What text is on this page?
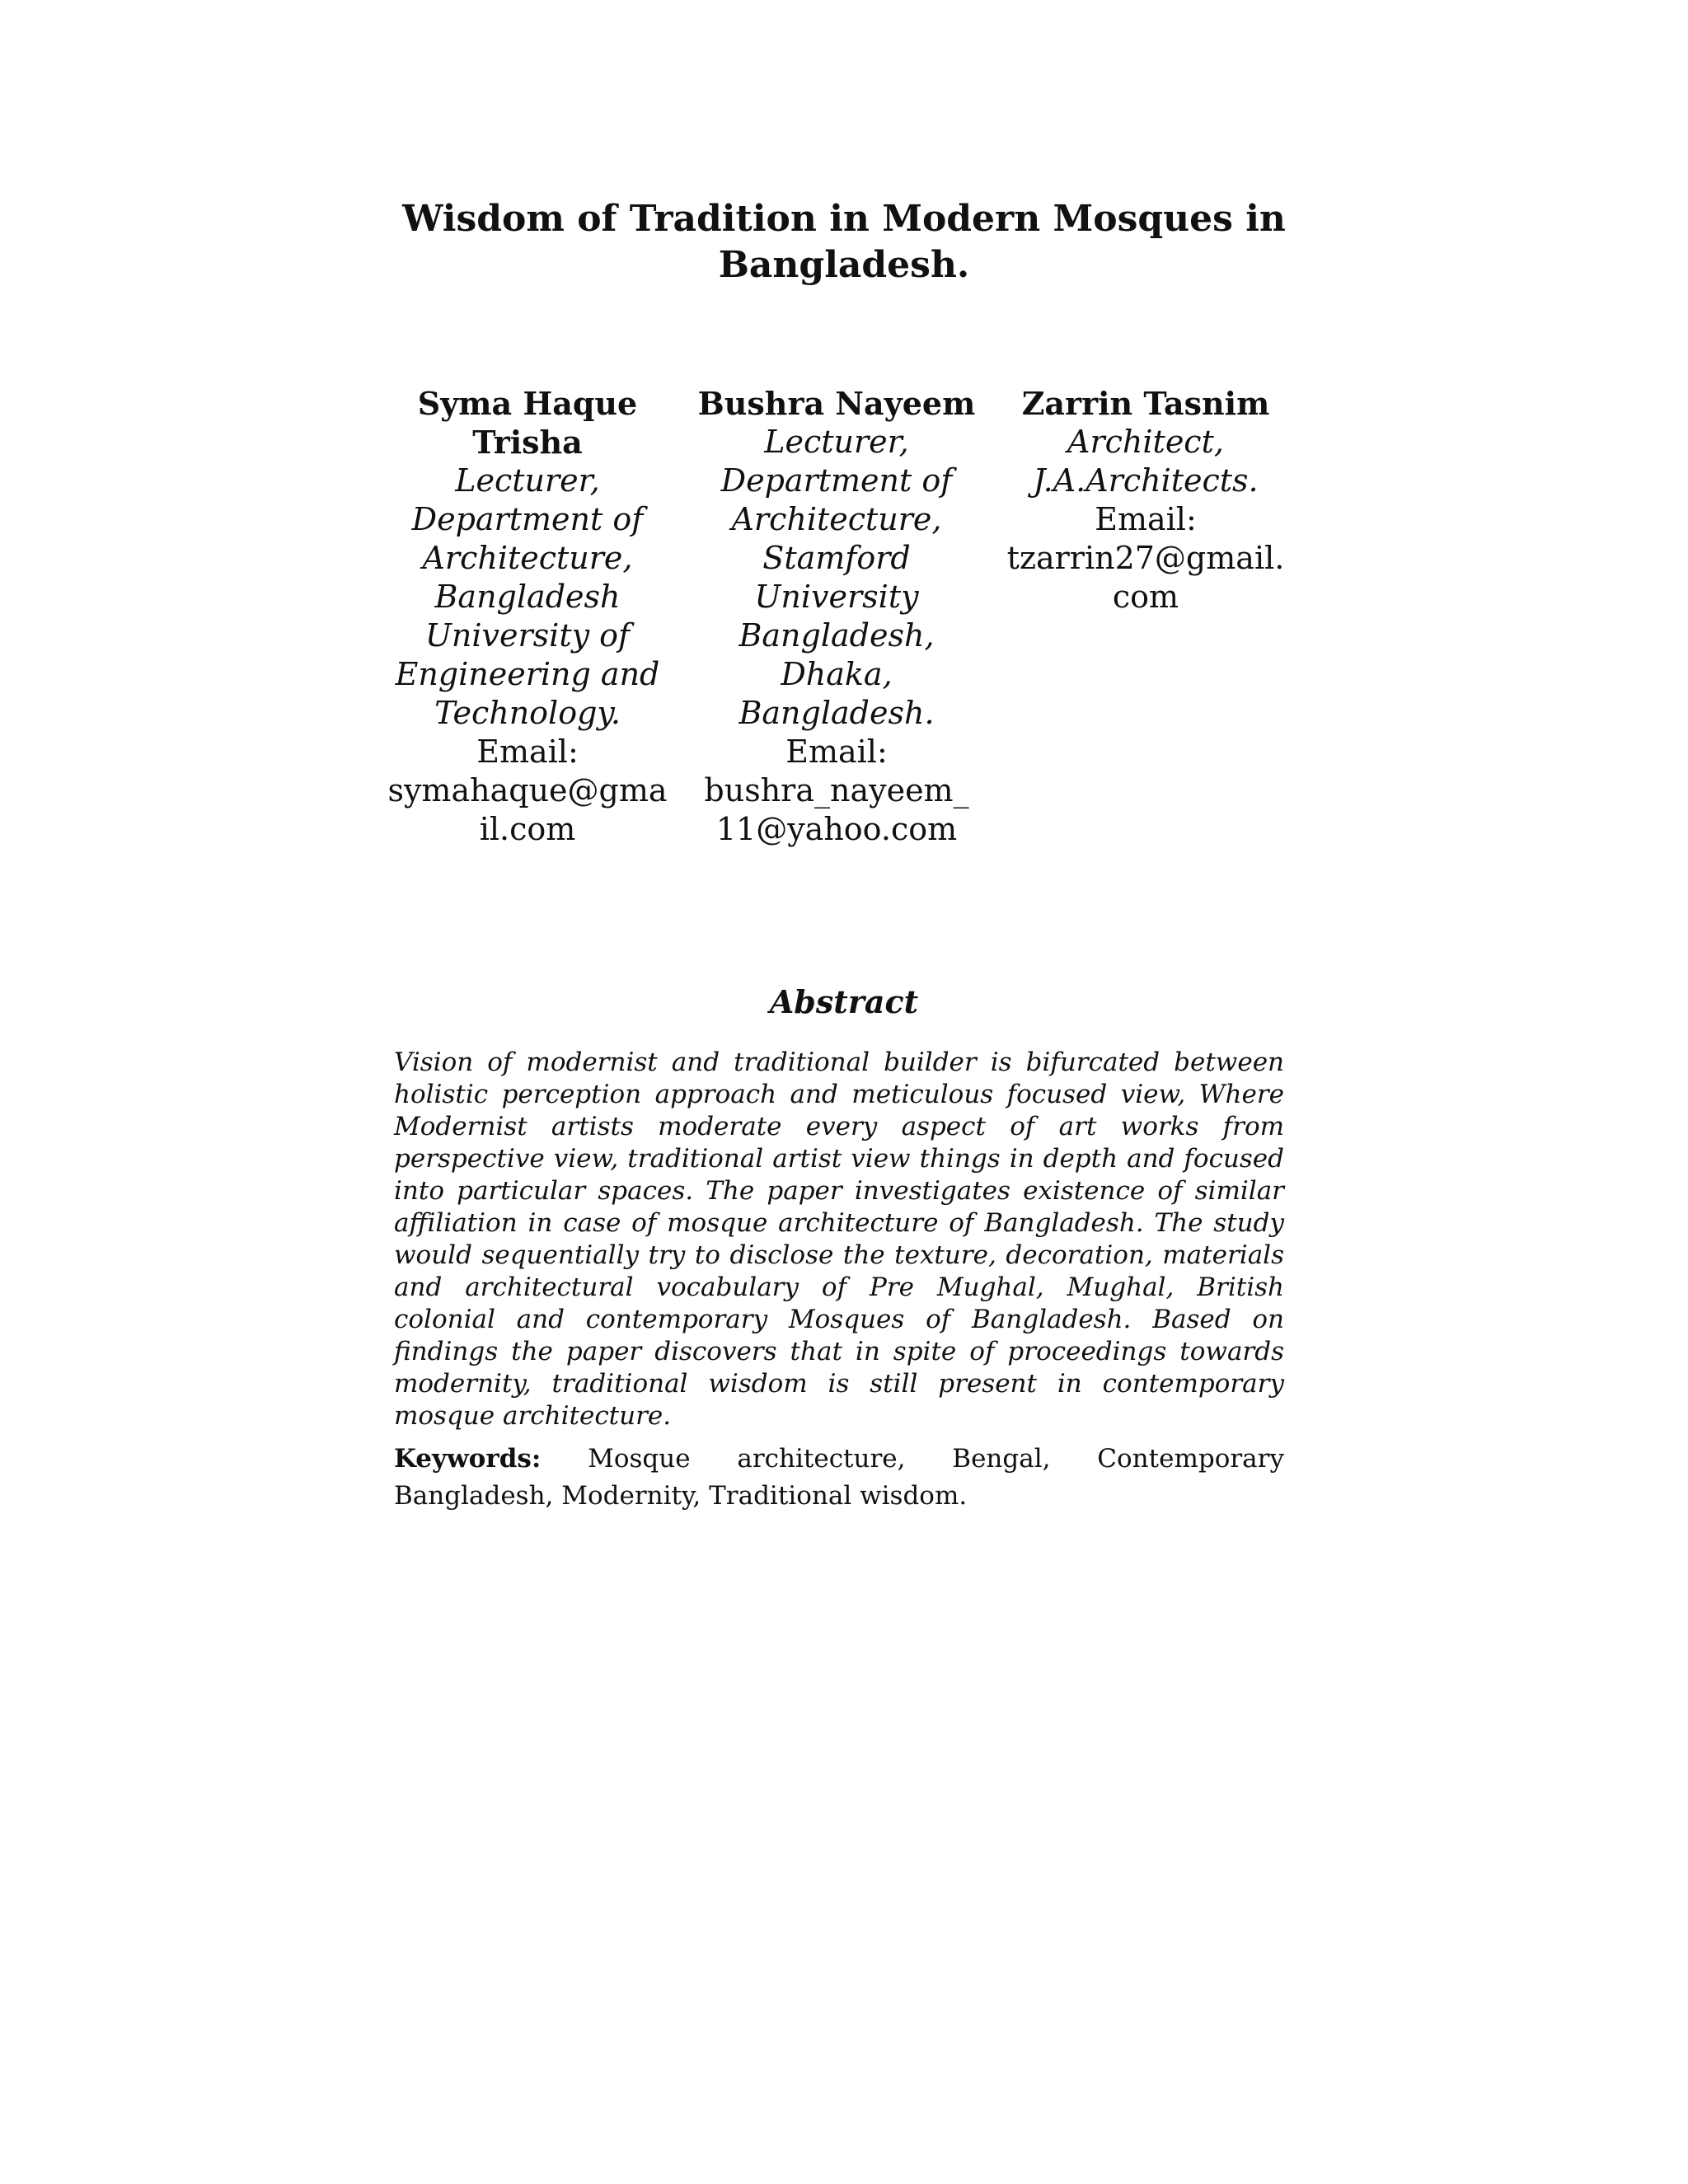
Wisdom of Tradition in Modern Mosques in
Bangladesh.
Syma Haque Trisha
Lecturer, Department of Architecture, Bangladesh University of Engineering and Technology.
Email:
symahaque@gmail.com
Bushra Nayeem
Lecturer, Department of Architecture, Stamford University Bangladesh, Dhaka, Bangladesh.
Email:
bushra_nayeem_11@yahoo.com
Zarrin Tasnim
Architect, J.A.Architects.
Email:
tzarrin27@gmail.com
Abstract

Vision of modernist and traditional builder is bifurcated between holistic perception approach and meticulous focused view, Where Modernist artists moderate every aspect of art works from perspective view, traditional artist view things in depth and focused into particular spaces. The paper investigates existence of similar affiliation in case of mosque architecture of Bangladesh. The study would sequentially try to disclose the texture, decoration, materials and architectural vocabulary of Pre Mughal, Mughal, British colonial and contemporary Mosques of Bangladesh. Based on findings the paper discovers that in spite of proceedings towards modernity, traditional wisdom is still present in contemporary mosque architecture.

Keywords: Mosque architecture, Bengal, Contemporary Bangladesh, Modernity, Traditional wisdom.
